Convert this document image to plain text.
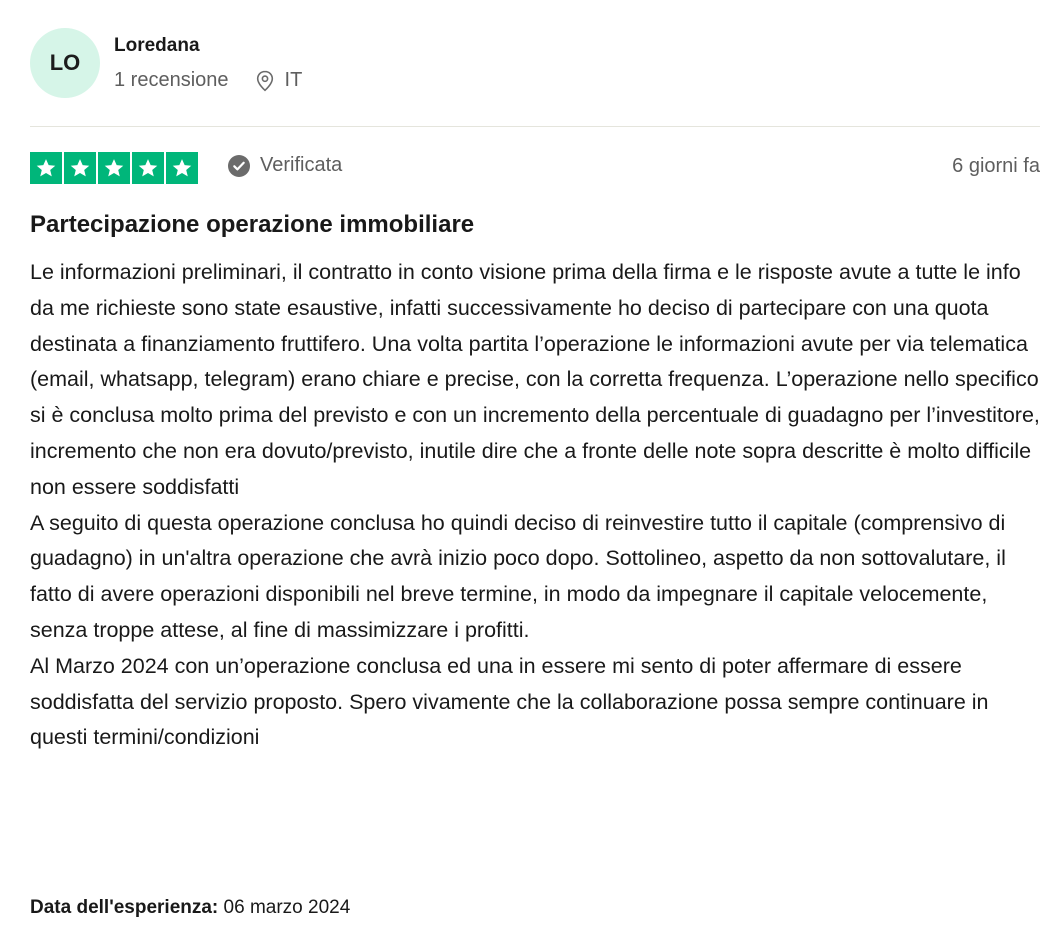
LO
Loredana
1 recensione	IT
Verificata	6 giorni fa
Partecipazione operazione immobiliare

Le informazioni preliminari, il contratto in conto visione prima della firma e le risposte avute a tutte le info da me richieste sono state esaustive, infatti successivamente ho deciso di partecipare con una quota destinata a finanziamento fruttifero. Una volta partita l’operazione le informazioni avute per via telematica (email, whatsapp, telegram) erano chiare e precise, con la corretta frequenza. L’operazione nello specifico si è conclusa molto prima del previsto e con un incremento della percentuale di guadagno per l’investitore, incremento che non era dovuto/previsto, inutile dire che a fronte delle note sopra descritte è molto difficile non essere soddisfatti

A seguito di questa operazione conclusa ho quindi deciso di reinvestire tutto il capitale (comprensivo di guadagno) in un'altra operazione che avrà inizio poco dopo. Sottolineo, aspetto da non sottovalutare, il fatto di avere operazioni disponibili nel breve termine, in modo da impegnare il capitale velocemente, senza troppe attese, al fine di massimizzare i profitti.

Al Marzo 2024 con un’operazione conclusa ed una in essere mi sento di poter affermare di essere soddisfatta del servizio proposto. Spero vivamente che la collaborazione possa sempre continuare in questi termini/condizioni

Data dell'esperienza: 06 marzo 2024
